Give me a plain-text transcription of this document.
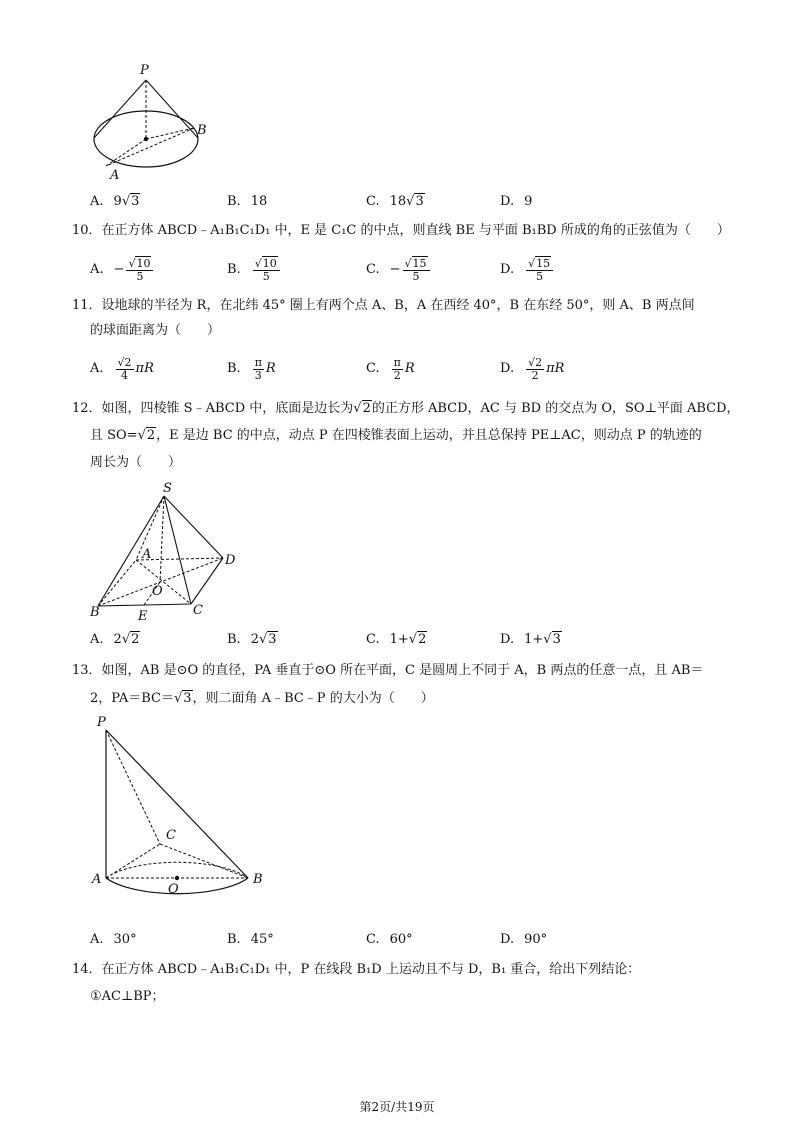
P
B
A
A. 9 √3	B. 18	C. 18 √3	D. 9
10．在正方体 ABCD﹣A₁B₁C₁D₁ 中，E 是 C₁C 的中点，则直线 BE 与平面 B₁BD 所成的角的正弦值为（　　）
A. − $\frac{√10}{5}$	B. $\frac{√10}{5}$	C. − $\frac{√15}{5}$	D. $\frac{√15}{5}$
11．设地球的半径为 R，在北纬 45° 圈上有两个点 A、B，A 在西经 40°，B 在东经 50°，则 A、B 两点间
的球面距离为（　　）
A. $\frac{√2}{4}$ πR	B. $\frac{\pi}{3}$ R	C. $\frac{\pi}{2}$ R	D. $\frac{√2}{2}$ πR
12．如图，四棱锥 S﹣ABCD 中，底面是边长为√2的正方形 ABCD，AC 与 BD 的交点为 O，SO⊥平面 ABCD，
且 SO=√2，E 是边 BC 的中点，动点 P 在四棱锥表面上运动，并且总保持 PE⊥AC，则动点 P 的轨迹的
周长为（　　）
S
A	D
O
B	E	C
A. 2 √2	B. 2 √3	C. 1+ √2	D. 1+ √3
13．如图，AB 是⊙O 的直径，PA 垂直于⊙O 所在平面，C 是圆周上不同于 A，B 两点的任意一点，且 AB＝
2，PA＝BC＝√3，则二面角 A﹣BC﹣P 的大小为（　　）
P
C
A
O
B
A. 30°	B. 45°	C. 60°	D. 90°
14．在正方体 ABCD﹣A₁B₁C₁D₁ 中，P 在线段 B₁D 上运动且不与 D，B₁ 重合，给出下列结论：
①AC⊥BP；
第2页/共19页
